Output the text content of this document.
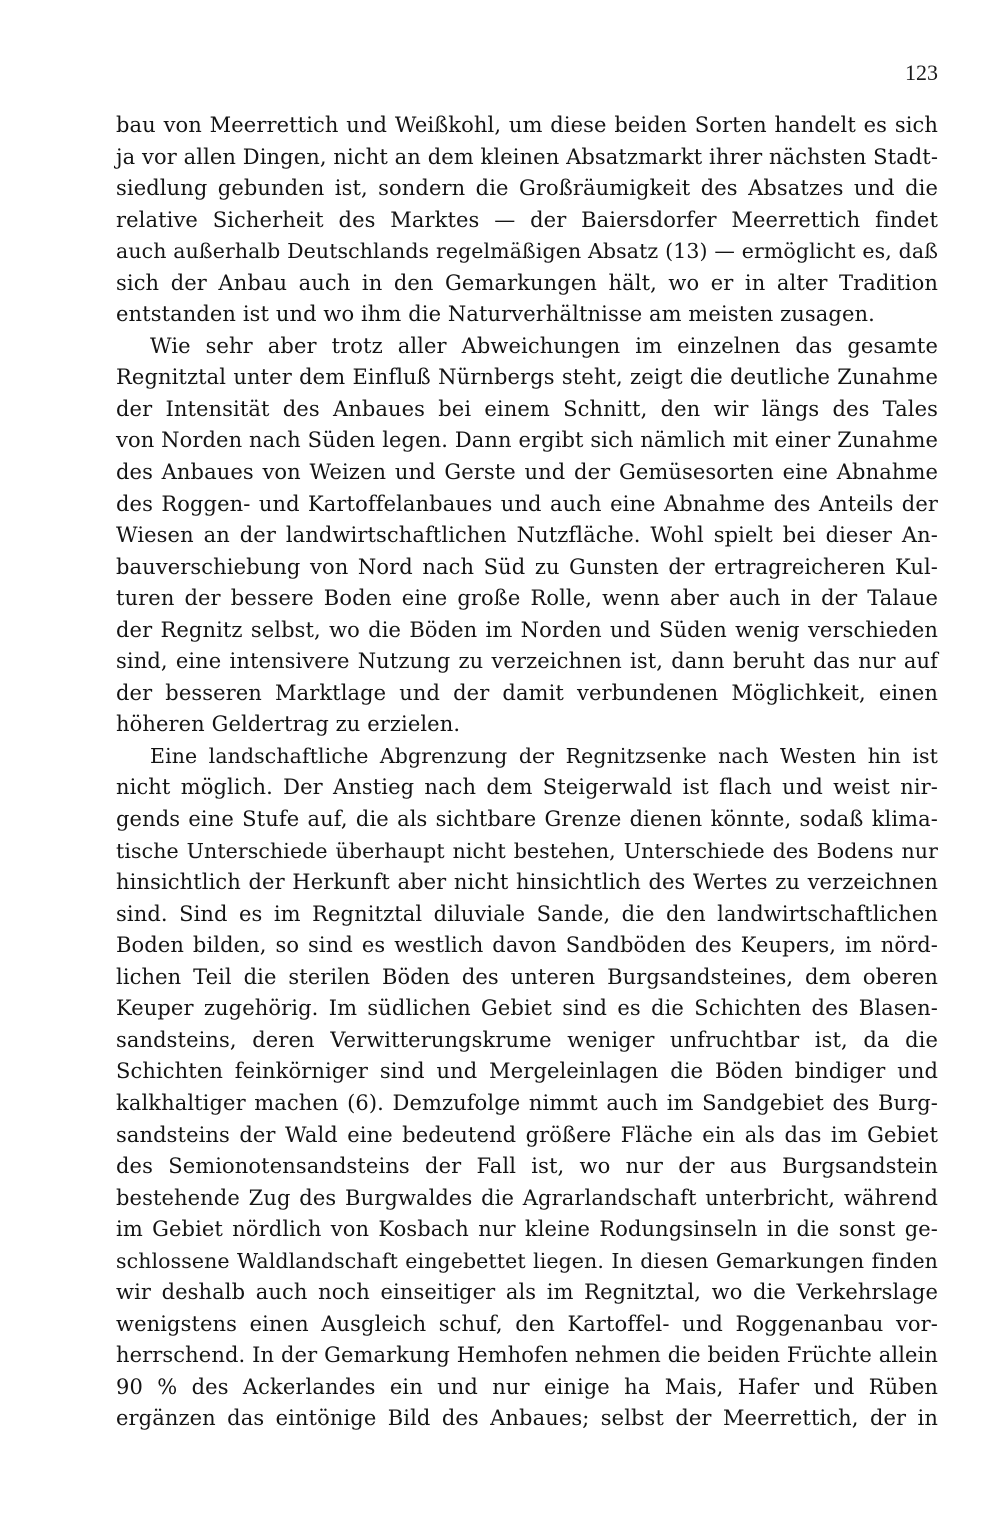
123
bau von Meerrettich und Weißkohl, um diese beiden Sorten handelt es sich
ja vor allen Dingen, nicht an dem kleinen Absatzmarkt ihrer nächsten Stadt-
siedlung gebunden ist, sondern die Großräumigkeit des Absatzes und die
relative Sicherheit des Marktes — der Baiersdorfer Meerrettich findet
auch außerhalb Deutschlands regelmäßigen Absatz (13) — ermöglicht es, daß
sich der Anbau auch in den Gemarkungen hält, wo er in alter Tradition
entstanden ist und wo ihm die Naturverhältnisse am meisten zusagen.
Wie sehr aber trotz aller Abweichungen im einzelnen das gesamte
Regnitztal unter dem Einfluß Nürnbergs steht, zeigt die deutliche Zunahme
der Intensität des Anbaues bei einem Schnitt, den wir längs des Tales
von Norden nach Süden legen. Dann ergibt sich nämlich mit einer Zunahme
des Anbaues von Weizen und Gerste und der Gemüsesorten eine Abnahme
des Roggen- und Kartoffelanbaues und auch eine Abnahme des Anteils der
Wiesen an der landwirtschaftlichen Nutzfläche. Wohl spielt bei dieser An-
bauverschiebung von Nord nach Süd zu Gunsten der ertragreicheren Kul-
turen der bessere Boden eine große Rolle, wenn aber auch in der Talaue
der Regnitz selbst, wo die Böden im Norden und Süden wenig verschieden
sind, eine intensivere Nutzung zu verzeichnen ist, dann beruht das nur auf
der besseren Marktlage und der damit verbundenen Möglichkeit, einen
höheren Geldertrag zu erzielen.
Eine landschaftliche Abgrenzung der Regnitzsenke nach Westen hin ist
nicht möglich. Der Anstieg nach dem Steigerwald ist flach und weist nir-
gends eine Stufe auf, die als sichtbare Grenze dienen könnte, sodaß klima-
tische Unterschiede überhaupt nicht bestehen, Unterschiede des Bodens nur
hinsichtlich der Herkunft aber nicht hinsichtlich des Wertes zu verzeichnen
sind. Sind es im Regnitztal diluviale Sande, die den landwirtschaftlichen
Boden bilden, so sind es westlich davon Sandböden des Keupers, im nörd-
lichen Teil die sterilen Böden des unteren Burgsandsteines, dem oberen
Keuper zugehörig. Im südlichen Gebiet sind es die Schichten des Blasen-
sandsteins, deren Verwitterungskrume weniger unfruchtbar ist, da die
Schichten feinkörniger sind und Mergeleinlagen die Böden bindiger und
kalkhaltiger machen (6). Demzufolge nimmt auch im Sandgebiet des Burg-
sandsteins der Wald eine bedeutend größere Fläche ein als das im Gebiet
des Semionotensandsteins der Fall ist, wo nur der aus Burgsandstein
bestehende Zug des Burgwaldes die Agrarlandschaft unterbricht, während
im Gebiet nördlich von Kosbach nur kleine Rodungsinseln in die sonst ge-
schlossene Waldlandschaft eingebettet liegen. In diesen Gemarkungen finden
wir deshalb auch noch einseitiger als im Regnitztal, wo die Verkehrslage
wenigstens einen Ausgleich schuf, den Kartoffel- und Roggenanbau vor-
herrschend. In der Gemarkung Hemhofen nehmen die beiden Früchte allein
90 % des Ackerlandes ein und nur einige ha Mais, Hafer und Rüben
ergänzen das eintönige Bild des Anbaues; selbst der Meerrettich, der in
